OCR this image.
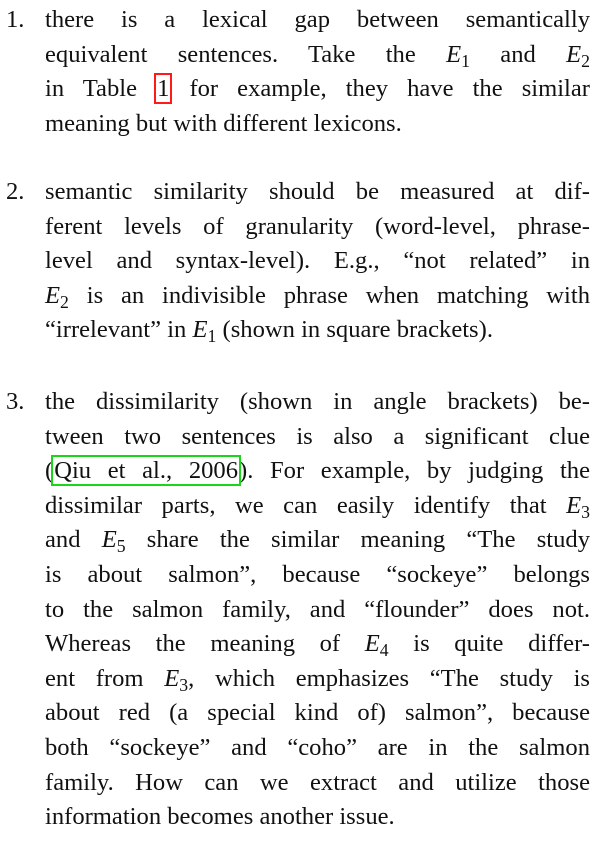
1. there is a lexical gap between semantically
equivalent sentences. Take the $E_1$ and $E_2$
in Table 1 for example, they have the similar
meaning but with different lexicons.
2. semantic similarity should be measured at dif-
ferent levels of granularity (word-level, phrase-
level and syntax-level). E.g., “not related” in
$E_2$ is an indivisible phrase when matching with
“irrelevant” in $E_1$ (shown in square brackets).
3. the dissimilarity (shown in angle brackets) be-
tween two sentences is also a significant clue
(Qiu et al., 2006). For example, by judging the
dissimilar parts, we can easily identify that $E_3$
and $E_5$ share the similar meaning “The study
is about salmon”, because “sockeye” belongs
to the salmon family, and “flounder” does not.
Whereas the meaning of $E_4$ is quite differ-
ent from $E_3$, which emphasizes “The study is
about red (a special kind of) salmon”, because
both “sockeye” and “coho” are in the salmon
family. How can we extract and utilize those
information becomes another issue.
